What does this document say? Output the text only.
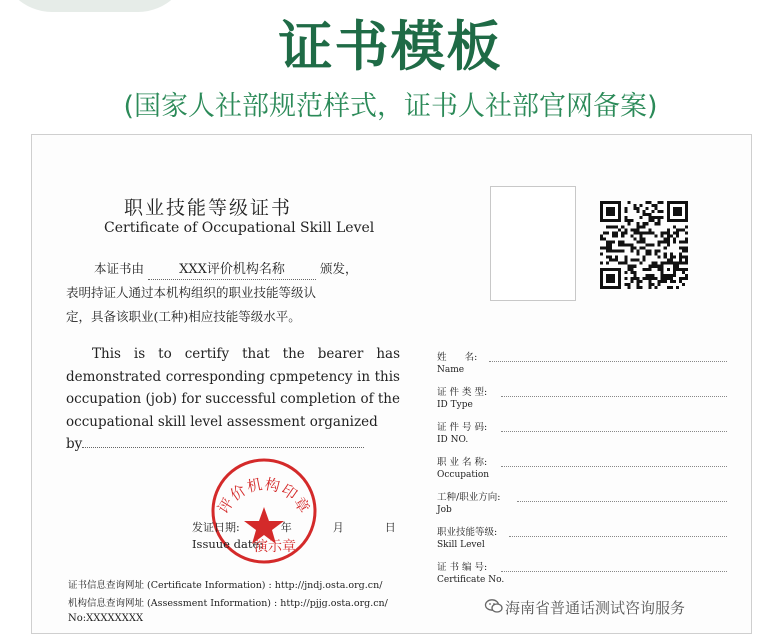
证书模板
(国家人社部规范样式，证书人社部官网备案)
职业技能等级证书
Certificate of Occupational Skill Level
本证书由	XXX评价机构名称	颁发，
表明持证人通过本机构组织的职业技能等级认
定，具备该职业(工种)相应技能等级水平。
This is to certify that the bearer has demonstrated corresponding cpmpetency in this occupation (job) for successful completion of the occupational skill level assessment organized
by
评价机构印章
发证日期:	年	月	日
Issuue date:
演示章
证书信息查询网址 (Certificate Information) : http://jndj.osta.org.cn/
机构信息查询网址 (Assessment Information) : http://pjjg.osta.org.cn/
No:XXXXXXXX
姓      名:
Name
证 件 类 型:
ID Type
证 件 号 码:
ID NO.
职 业 名 称:
Occupation
工种/职业方向:
Job
职业技能等级:
Skill Level
证 书 编 号:
Certificate No.
海南省普通话测试咨询服务
